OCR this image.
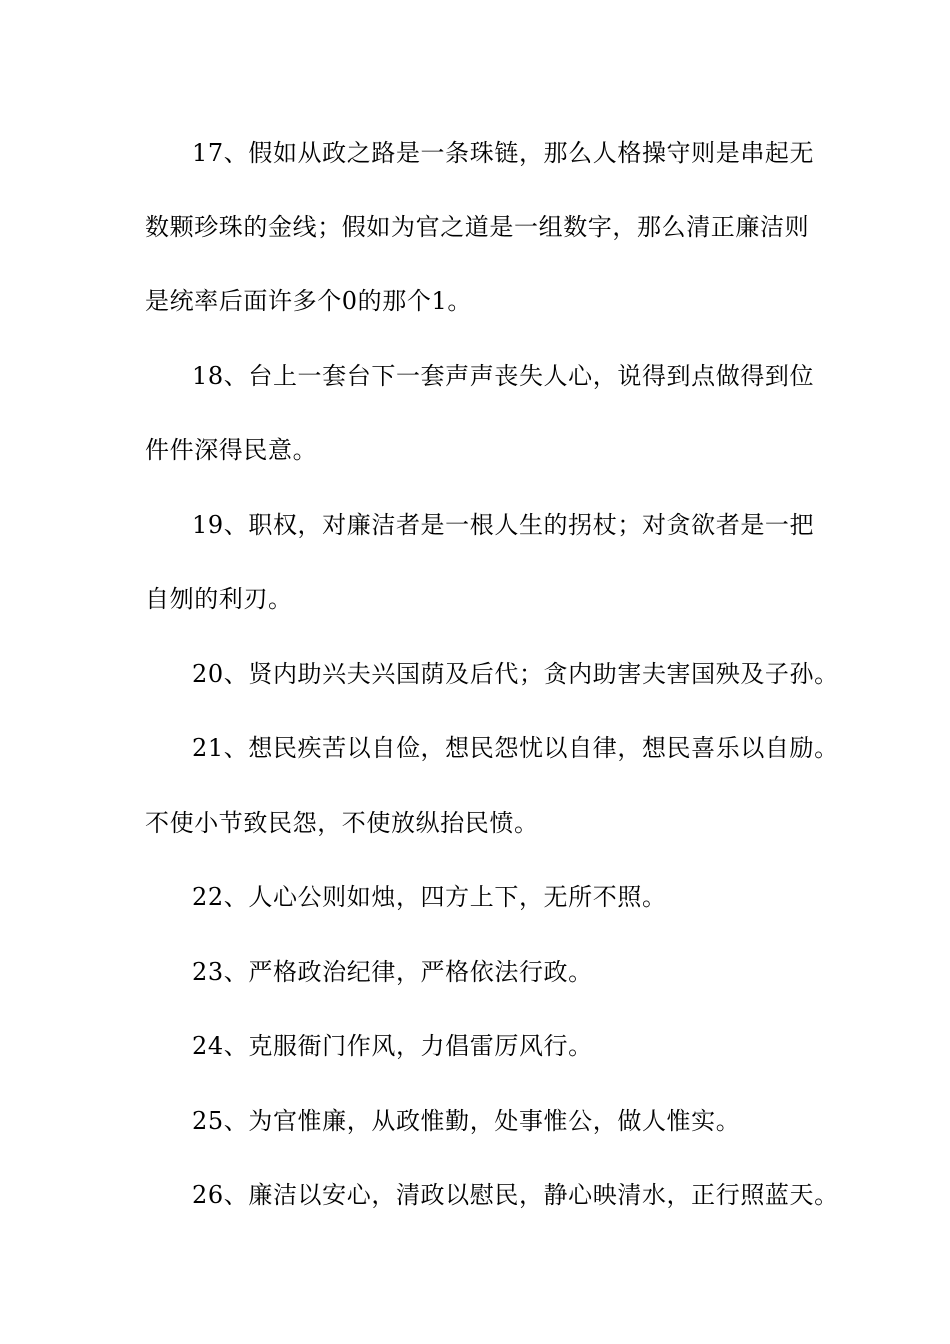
17、假如从政之路是一条珠链，那么人格操守则是串起无
数颗珍珠的金线；假如为官之道是一组数字，那么清正廉洁则
是统率后面许多个0的那个1。
18、台上一套台下一套声声丧失人心，说得到点做得到位
件件深得民意。
19、职权，对廉洁者是一根人生的拐杖；对贪欲者是一把
自刎的利刃。
20、贤内助兴夫兴国荫及后代；贪内助害夫害国殃及子孙。
21、想民疾苦以自俭，想民怨忧以自律，想民喜乐以自励。
不使小节致民怨，不使放纵抬民愤。
22、人心公则如烛，四方上下，无所不照。
23、严格政治纪律，严格依法行政。
24、克服衙门作风，力倡雷厉风行。
25、为官惟廉，从政惟勤，处事惟公，做人惟实。
26、廉洁以安心，清政以慰民，静心映清水，正行照蓝天。
